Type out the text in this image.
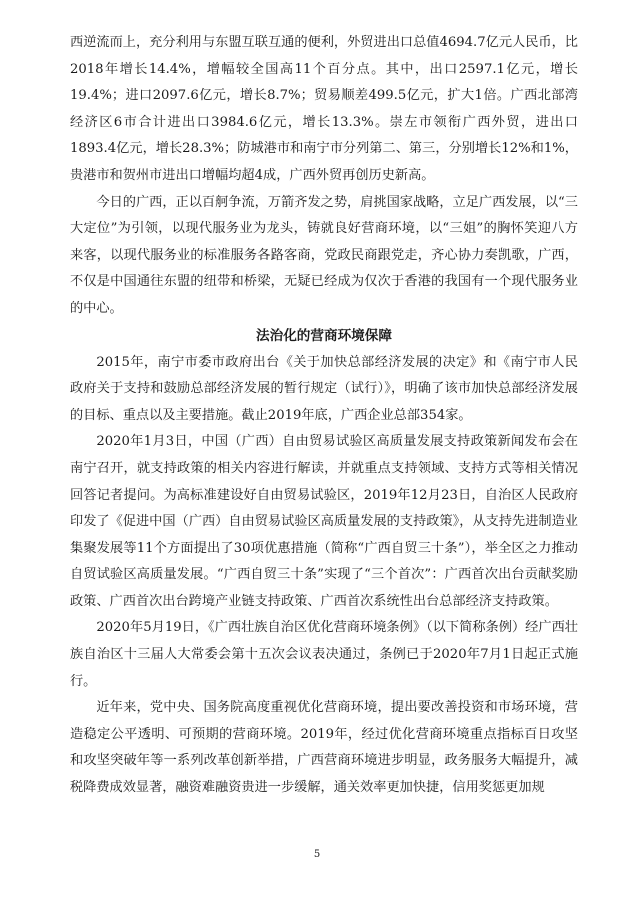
西逆流而上，充分利用与东盟互联互通的便利，外贸进出口总值4694.7亿元人民币，比2018年增长14.4%，增幅较全国高11个百分点。其中，出口2597.1亿元，增长19.4%；进口2097.6亿元，增长8.7%；贸易顺差499.5亿元，扩大1倍。广西北部湾经济区6市合计进出口3984.6亿元，增长13.3%。崇左市领衔广西外贸，进出口1893.4亿元，增长28.3%；防城港市和南宁市分列第二、第三，分别增长12%和1%，贵港市和贺州市进出口增幅均超4成，广西外贸再创历史新高。

今日的广西，正以百舸争流，万箭齐发之势，肩挑国家战略，立足广西发展，以“三大定位”为引领，以现代服务业为龙头，铸就良好营商环境，以“三姐”的胸怀笑迎八方来客，以现代服务业的标准服务各路客商，党政民商跟党走，齐心协力奏凯歌，广西，不仅是中国通往东盟的纽带和桥梁，无疑已经成为仅次于香港的我国有一个现代服务业的中心。

法治化的营商环境保障

2015年，南宁市委市政府出台《关于加快总部经济发展的决定》和《南宁市人民政府关于支持和鼓励总部经济发展的暂行规定（试行）》，明确了该市加快总部经济发展的目标、重点以及主要措施。截止2019年底，广西企业总部354家。

2020年1月3日，中国（广西）自由贸易试验区高质量发展支持政策新闻发布会在南宁召开，就支持政策的相关内容进行解读，并就重点支持领域、支持方式等相关情况回答记者提问。为高标准建设好自由贸易试验区，2019年12月23日，自治区人民政府印发了《促进中国（广西）自由贸易试验区高质量发展的支持政策》，从支持先进制造业集聚发展等11个方面提出了30项优惠措施（简称“广西自贸三十条”），举全区之力推动自贸试验区高质量发展。“广西自贸三十条”实现了“三个首次”：广西首次出台贡献奖励政策、广西首次出台跨境产业链支持政策、广西首次系统性出台总部经济支持政策。

2020年5月19日，《广西壮族自治区优化营商环境条例》（以下简称条例）经广西壮族自治区十三届人大常委会第十五次会议表决通过，条例已于2020年7月1日起正式施行。

近年来，党中央、国务院高度重视优化营商环境，提出要改善投资和市场环境，营造稳定公平透明、可预期的营商环境。2019年，经过优化营商环境重点指标百日攻坚和攻坚突破年等一系列改革创新举措，广西营商环境进步明显，政务服务大幅提升，减税降费成效显著，融资难融资贵进一步缓解，通关效率更加快捷，信用奖惩更加规

5
